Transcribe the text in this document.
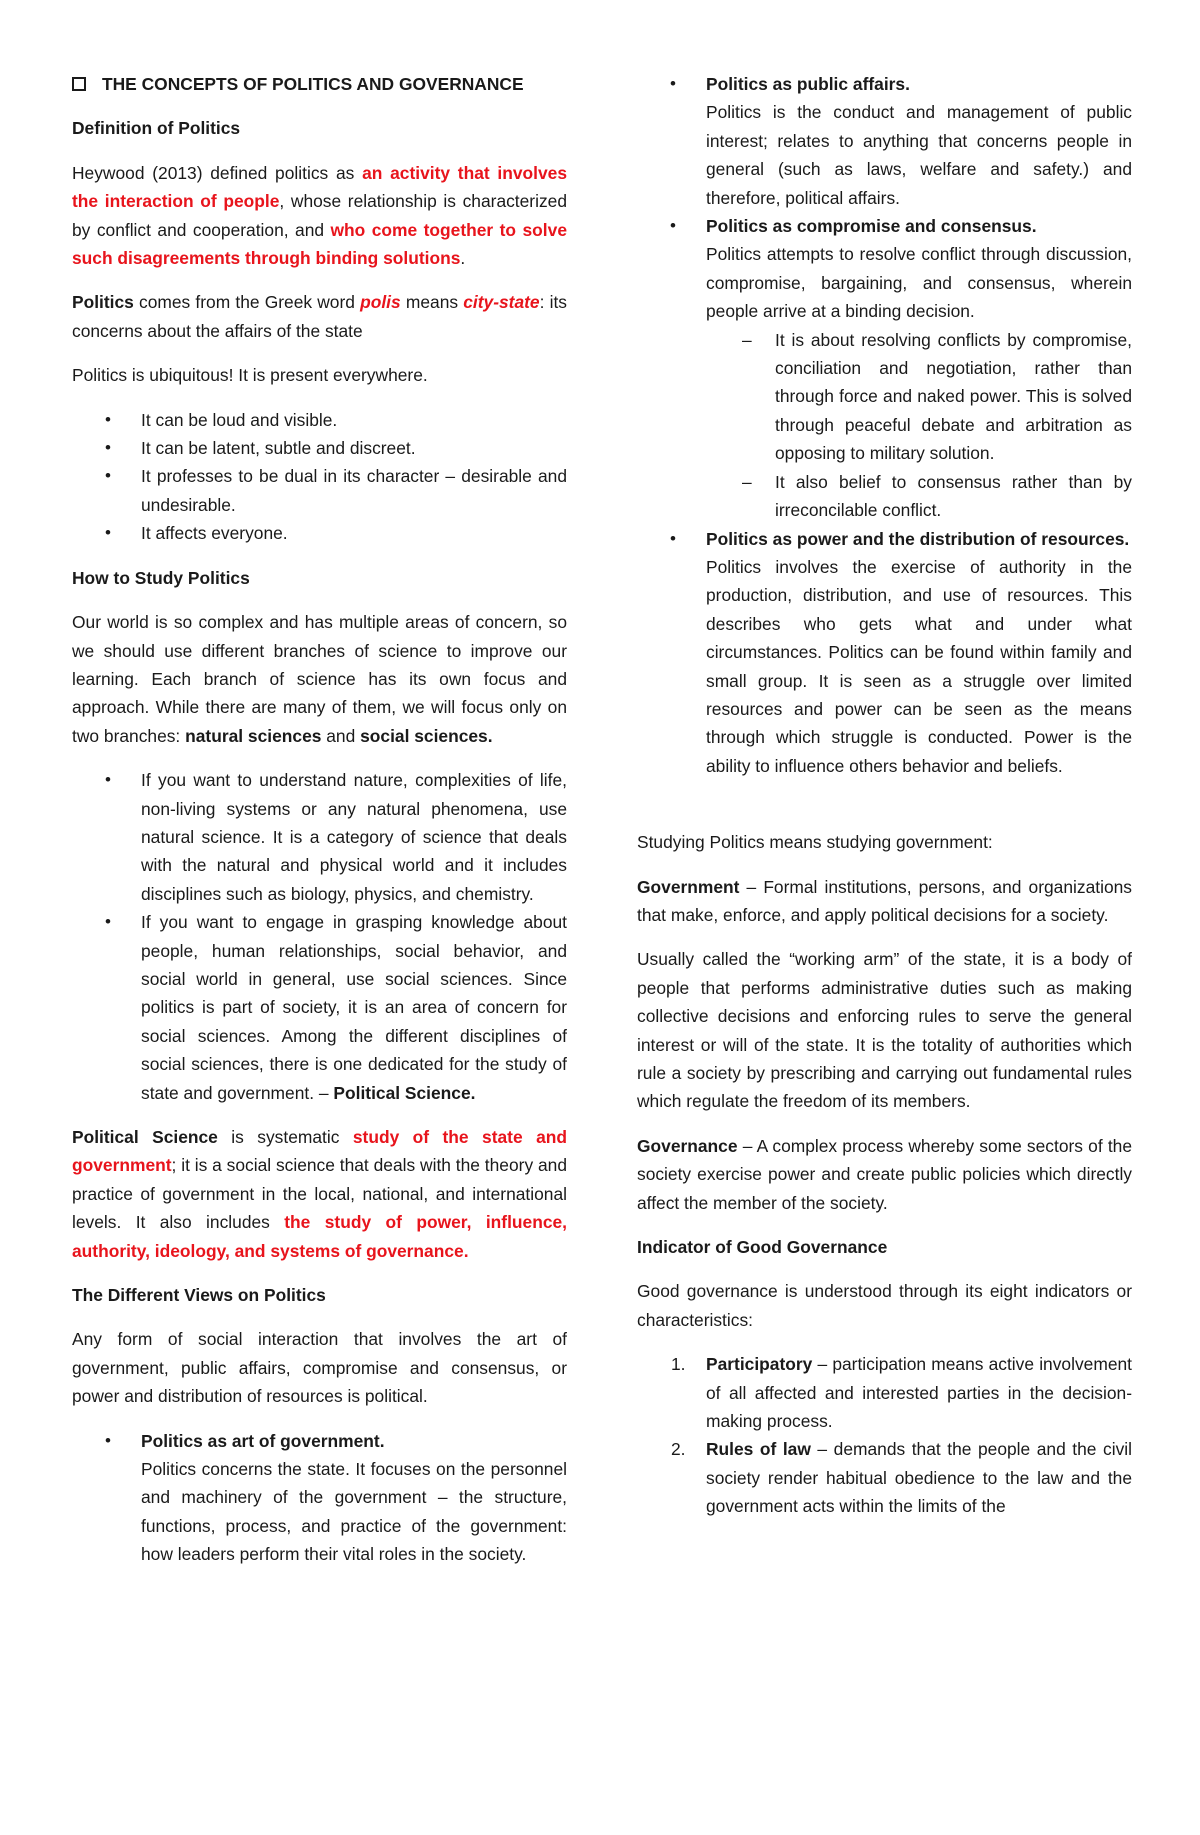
THE CONCEPTS OF POLITICS AND GOVERNANCE
Definition of Politics

Heywood (2013) defined politics as an activity that involves the interaction of people, whose relationship is characterized by conflict and cooperation, and who come together to solve such disagreements through binding solutions.

Politics comes from the Greek word polis means city-state: its concerns about the affairs of the state

Politics is ubiquitous! It is present everywhere.

• It can be loud and visible.
• It can be latent, subtle and discreet.
• It professes to be dual in its character – desirable and undesirable.
• It affects everyone.
How to Study Politics

Our world is so complex and has multiple areas of concern, so we should use different branches of science to improve our learning. Each branch of science has its own focus and approach. While there are many of them, we will focus only on two branches: natural sciences and social sciences.

• If you want to understand nature, complexities of life, non-living systems or any natural phenomena, use natural science. It is a category of science that deals with the natural and physical world and it includes disciplines such as biology, physics, and chemistry.
• If you want to engage in grasping knowledge about people, human relationships, social behavior, and social world in general, use social sciences. Since politics is part of society, it is an area of concern for social sciences. Among the different disciplines of social sciences, there is one dedicated for the study of state and government. – Political Science.

Political Science is systematic study of the state and government; it is a social science that deals with the theory and practice of government in the local, national, and international levels. It also includes the study of power, influence, authority, ideology, and systems of governance.

The Different Views on Politics

Any form of social interaction that involves the art of government, public affairs, compromise and consensus, or power and distribution of resources is political.

• Politics as art of government.
Politics concerns the state. It focuses on the personnel and machinery of the government – the structure, functions, process, and practice of the government: how leaders perform their vital roles in the society.
• Politics as public affairs.
Politics is the conduct and management of public interest; relates to anything that concerns people in general (such as laws, welfare and safety.) and therefore, political affairs.
• Politics as compromise and consensus.
Politics attempts to resolve conflict through discussion, compromise, bargaining, and consensus, wherein people arrive at a binding decision.
– It is about resolving conflicts by compromise, conciliation and negotiation, rather than through force and naked power. This is solved through peaceful debate and arbitration as opposing to military solution.
– It also belief to consensus rather than by irreconcilable conflict.
• Politics as power and the distribution of resources.
Politics involves the exercise of authority in the production, distribution, and use of resources. This describes who gets what and under what circumstances. Politics can be found within family and small group. It is seen as a struggle over limited resources and power can be seen as the means through which struggle is conducted. Power is the ability to influence others behavior and beliefs.

Studying Politics means studying government:

Government – Formal institutions, persons, and organizations that make, enforce, and apply political decisions for a society.

Usually called the “working arm” of the state, it is a body of people that performs administrative duties such as making collective decisions and enforcing rules to serve the general interest or will of the state. It is the totality of authorities which rule a society by prescribing and carrying out fundamental rules which regulate the freedom of its members.

Governance – A complex process whereby some sectors of the society exercise power and create public policies which directly affect the member of the society.

Indicator of Good Governance

Good governance is understood through its eight indicators or characteristics:

1. Participatory – participation means active involvement of all affected and interested parties in the decision-making process.
2. Rules of law – demands that the people and the civil society render habitual obedience to the law and the government acts within the limits of the
